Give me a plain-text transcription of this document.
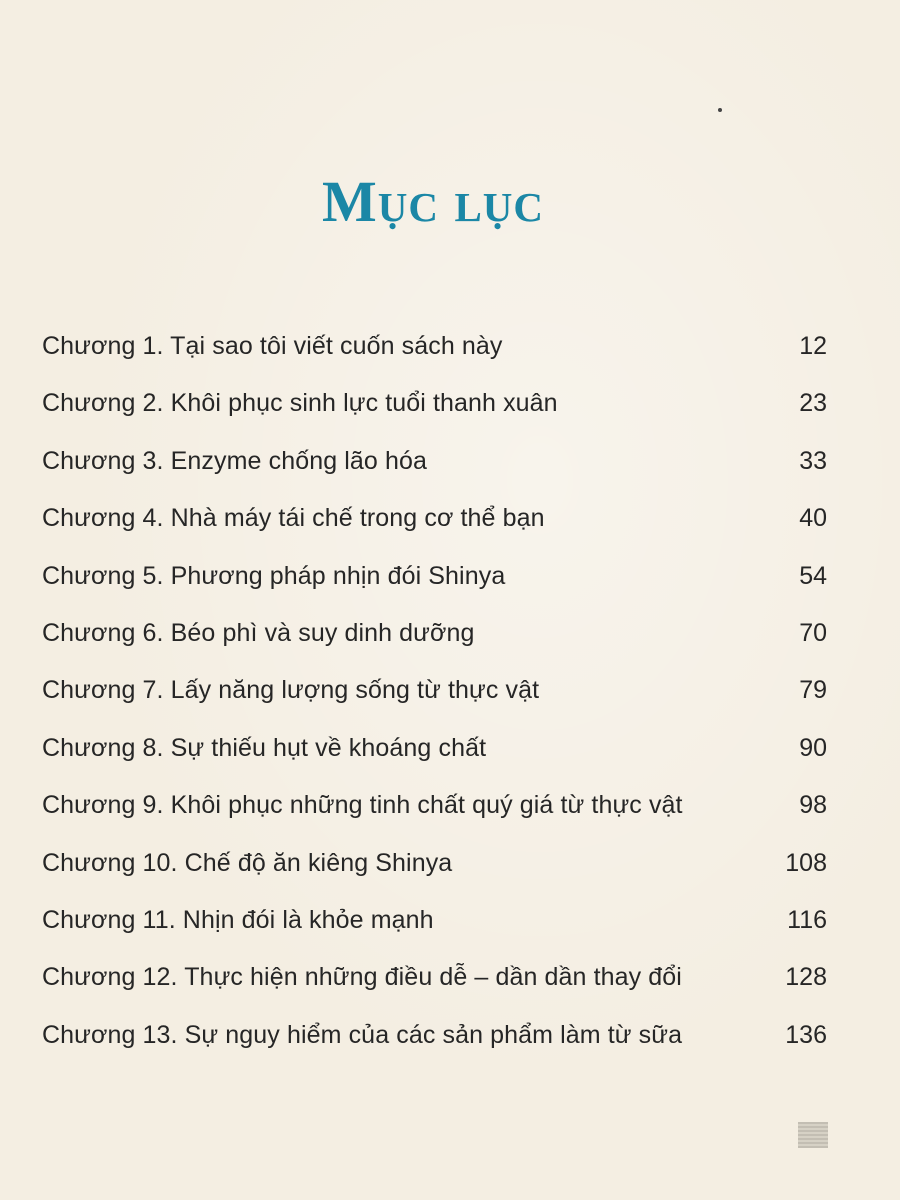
Mục lục
Chương 1. Tại sao tôi viết cuốn sách này	12
Chương 2. Khôi phục sinh lực tuổi thanh xuân	23
Chương 3. Enzyme chống lão hóa	33
Chương 4. Nhà máy tái chế trong cơ thể bạn	40
Chương 5. Phương pháp nhịn đói Shinya	54
Chương 6. Béo phì và suy dinh dưỡng	70
Chương 7. Lấy năng lượng sống từ thực vật	79
Chương 8. Sự thiếu hụt về khoáng chất	90
Chương 9. Khôi phục những tinh chất quý giá từ thực vật	98
Chương 10. Chế độ ăn kiêng Shinya	108
Chương 11. Nhịn đói là khỏe mạnh	116
Chương 12. Thực hiện những điều dễ – dần dần thay đổi	128
Chương 13. Sự nguy hiểm của các sản phẩm làm từ sữa	136
